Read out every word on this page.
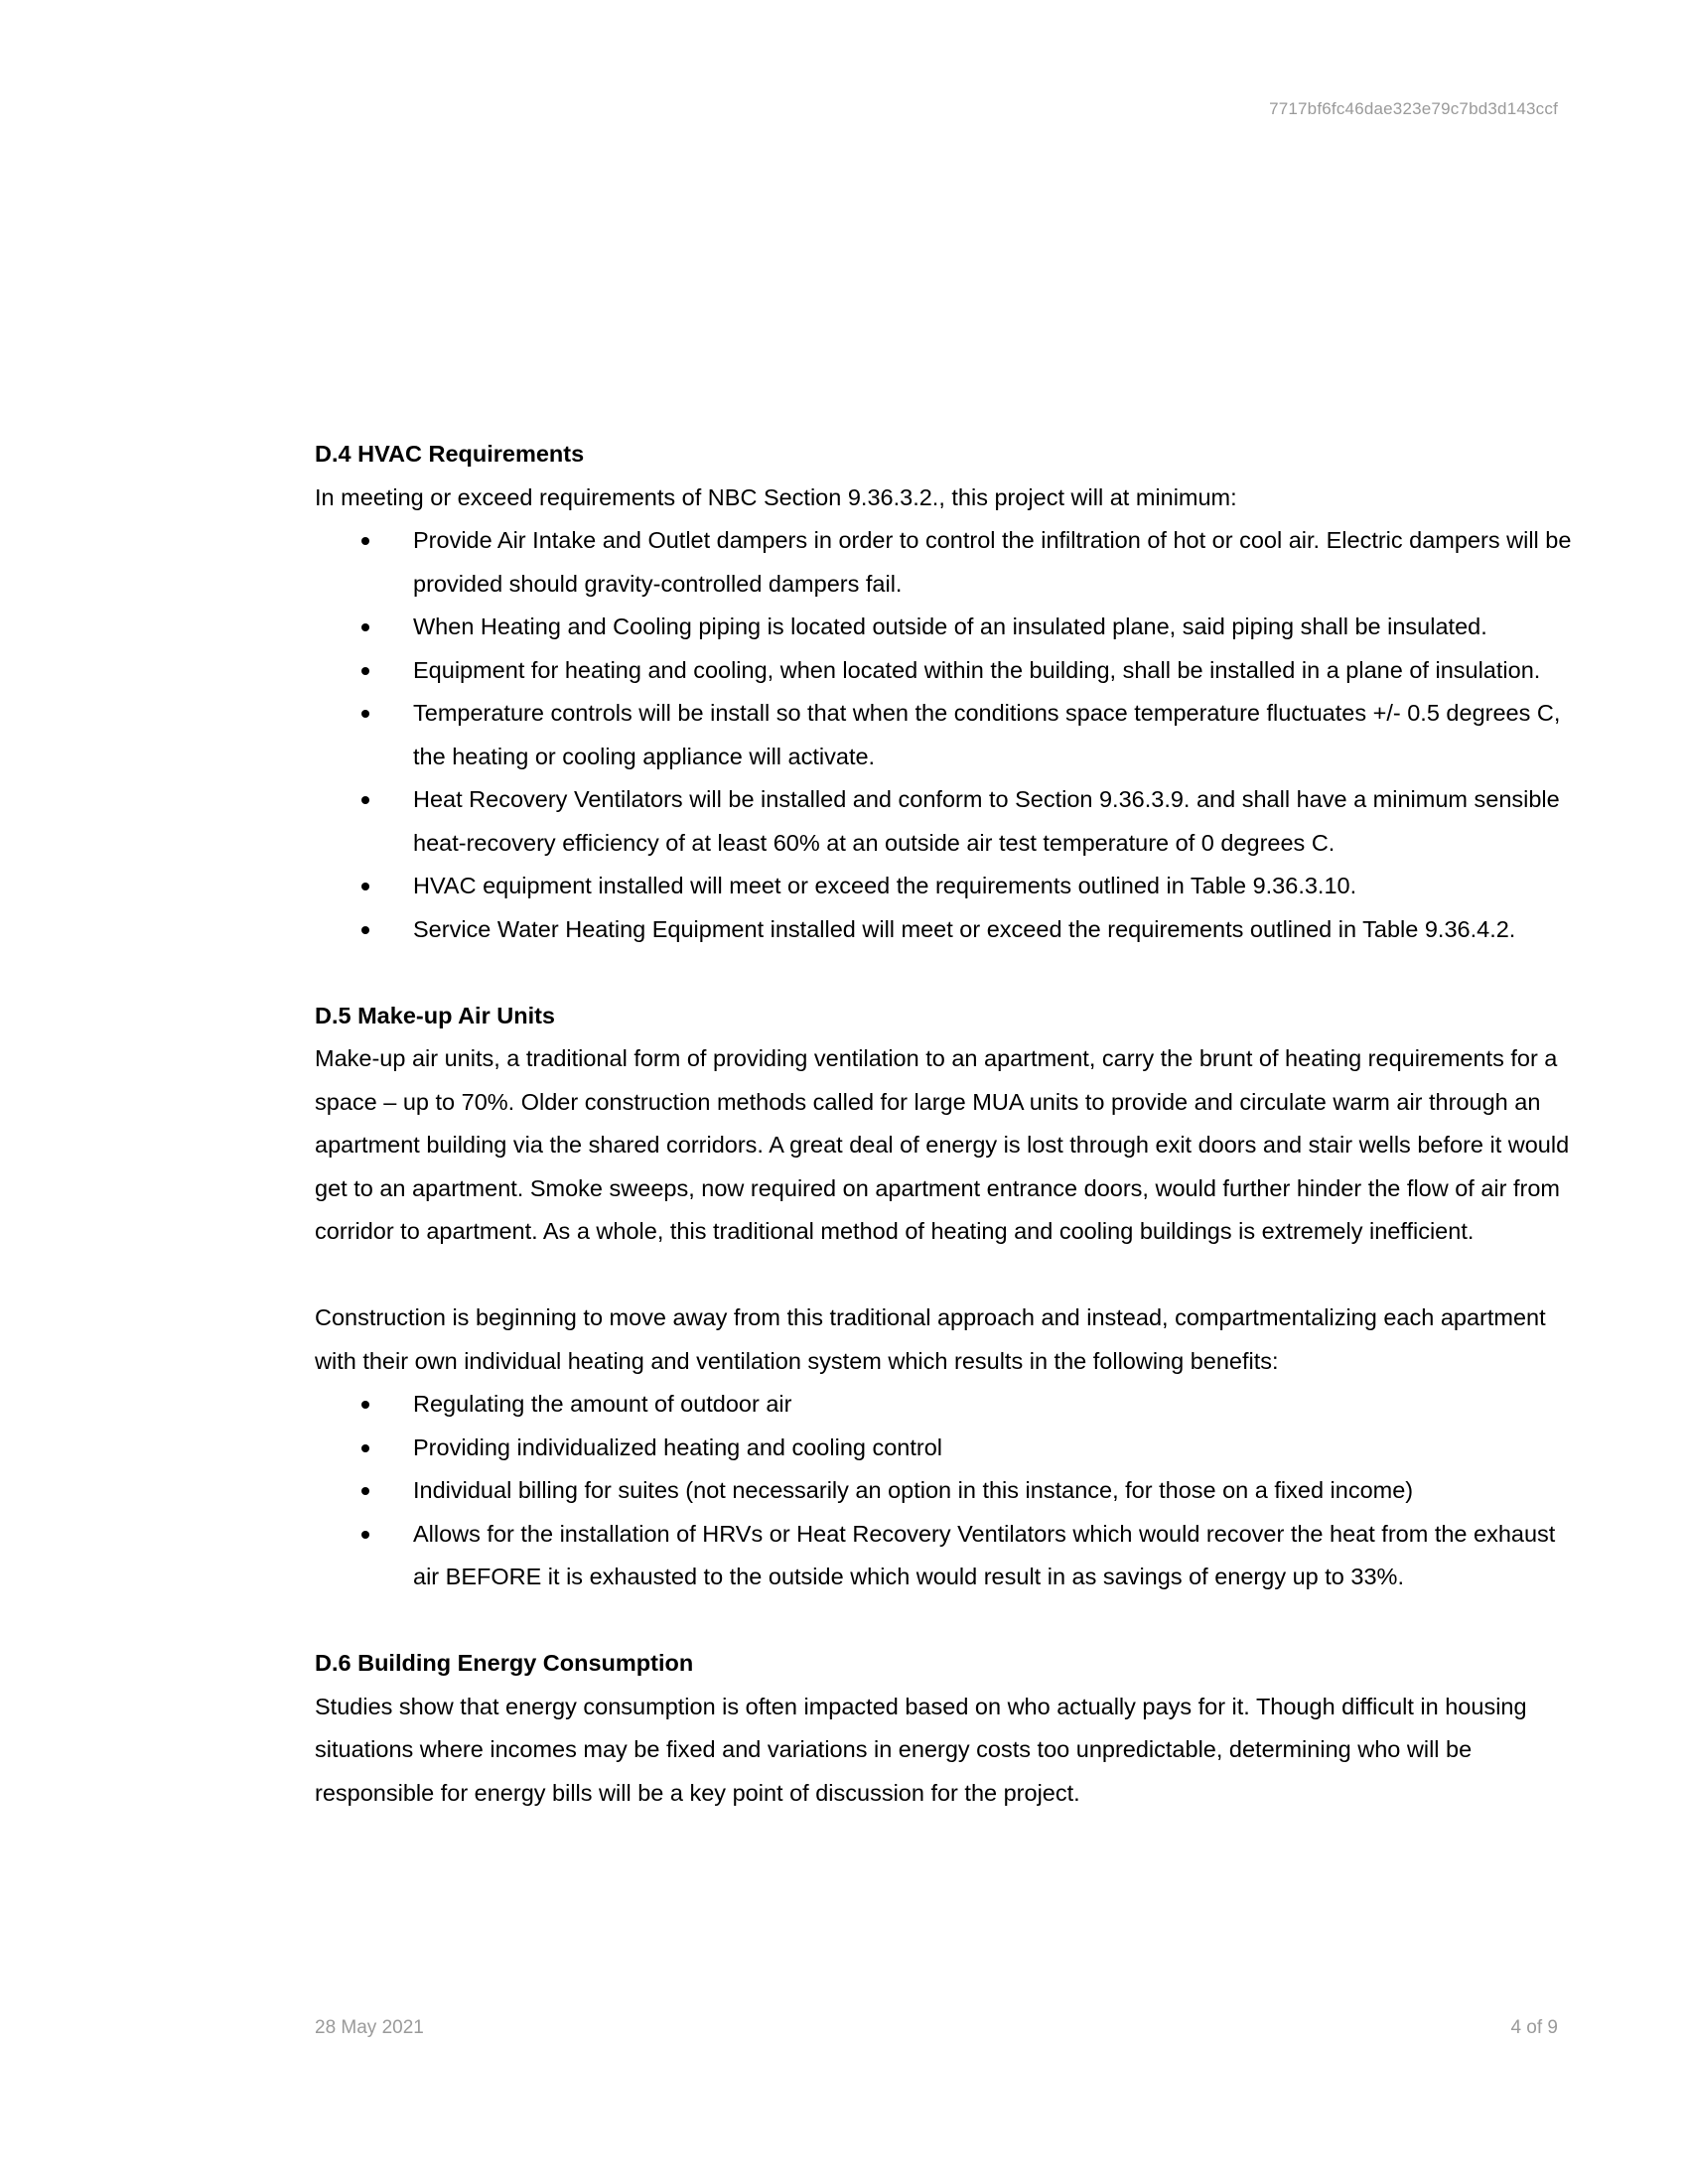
7717bf6fc46dae323e79c7bd3d143ccf

D.4 HVAC Requirements

In meeting or exceed requirements of NBC Section 9.36.3.2., this project will at minimum:

Provide Air Intake and Outlet dampers in order to control the infiltration of hot or cool air. Electric dampers will be provided should gravity-controlled dampers fail.
When Heating and Cooling piping is located outside of an insulated plane, said piping shall be insulated.
Equipment for heating and cooling, when located within the building, shall be installed in a plane of insulation.
Temperature controls will be install so that when the conditions space temperature fluctuates +/- 0.5 degrees C, the heating or cooling appliance will activate.
Heat Recovery Ventilators will be installed and conform to Section 9.36.3.9. and shall have a minimum sensible heat-recovery efficiency of at least 60% at an outside air test temperature of 0 degrees C.
HVAC equipment installed will meet or exceed the requirements outlined in Table 9.36.3.10.
Service Water Heating Equipment installed will meet or exceed the requirements outlined in Table 9.36.4.2.

D.5 Make-up Air Units

Make-up air units, a traditional form of providing ventilation to an apartment, carry the brunt of heating requirements for a space – up to 70%. Older construction methods called for large MUA units to provide and circulate warm air through an apartment building via the shared corridors. A great deal of energy is lost through exit doors and stair wells before it would get to an apartment. Smoke sweeps, now required on apartment entrance doors, would further hinder the flow of air from corridor to apartment. As a whole, this traditional method of heating and cooling buildings is extremely inefficient.

Construction is beginning to move away from this traditional approach and instead, compartmentalizing each apartment with their own individual heating and ventilation system which results in the following benefits:

Regulating the amount of outdoor air
Providing individualized heating and cooling control
Individual billing for suites (not necessarily an option in this instance, for those on a fixed income)
Allows for the installation of HRVs or Heat Recovery Ventilators which would recover the heat from the exhaust air BEFORE it is exhausted to the outside which would result in as savings of energy up to 33%.

D.6 Building Energy Consumption

Studies show that energy consumption is often impacted based on who actually pays for it. Though difficult in housing situations where incomes may be fixed and variations in energy costs too unpredictable, determining who will be responsible for energy bills will be a key point of discussion for the project.

28 May 2021	4 of 9
